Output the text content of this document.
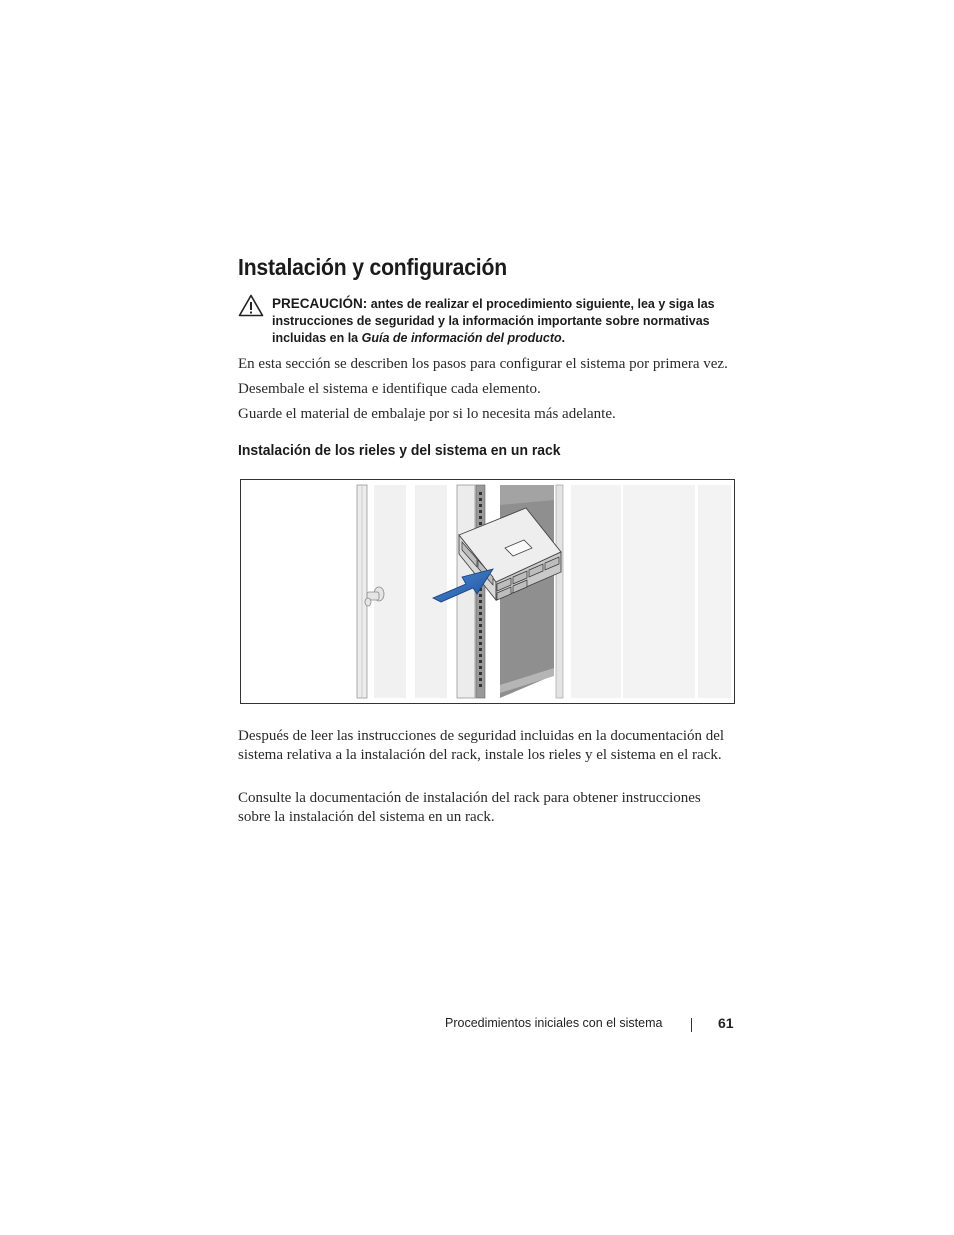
Instalación y configuración
PRECAUCIÓN: antes de realizar el procedimiento siguiente, lea y siga las instrucciones de seguridad y la información importante sobre normativas incluidas en la Guía de información del producto.
En esta sección se describen los pasos para configurar el sistema por primera vez.
Desembale el sistema e identifique cada elemento.
Guarde el material de embalaje por si lo necesita más adelante.
Instalación de los rieles y del sistema en un rack
Después de leer las instrucciones de seguridad incluidas en la documentación del sistema relativa a la instalación del rack, instale los rieles y el sistema en el rack.
Consulte la documentación de instalación del rack para obtener instrucciones sobre la instalación del sistema en un rack.
Procedimientos iniciales con el sistema	61
